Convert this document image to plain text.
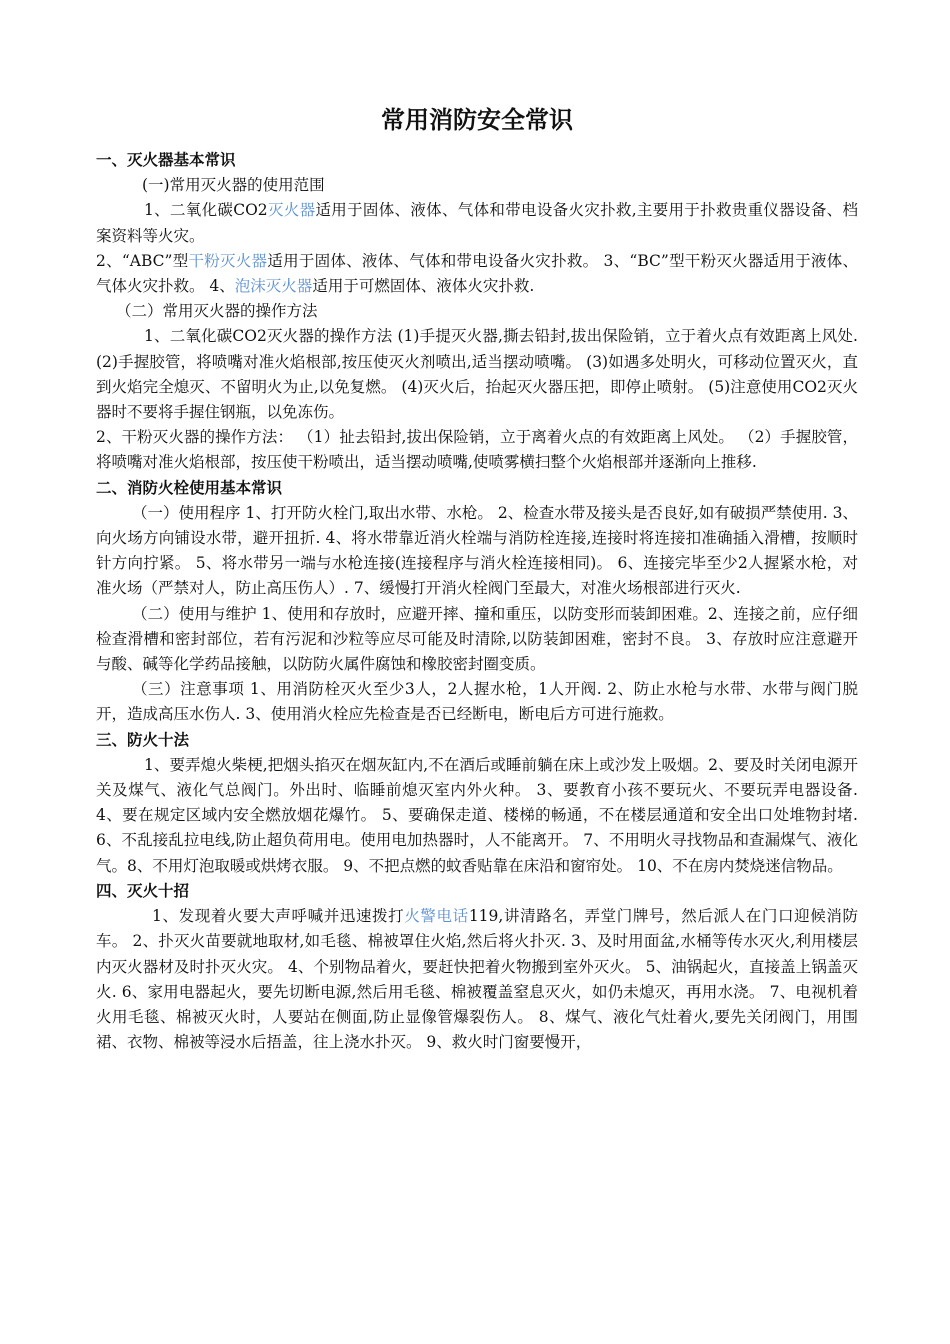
常用消防安全常识

一、灭火器基本常识

(一)常用灭火器的使用范围

1、二氧化碳CO2灭火器适用于固体、液体、气体和带电设备火灾扑救,主要用于扑救贵重仪器设备、档案资料等火灾。

2、“ABC”型干粉灭火器适用于固体、液体、气体和带电设备火灾扑救。 3、“BC”型干粉灭火器适用于液体、气体火灾扑救。 4、泡沫灭火器适用于可燃固体、液体火灾扑救.

（二）常用灭火器的操作方法

1、二氧化碳CO2灭火器的操作方法 (1)手提灭火器,撕去铅封,拔出保险销，立于着火点有效距离上风处. (2)手握胶管，将喷嘴对准火焰根部,按压使灭火剂喷出,适当摆动喷嘴。 (3)如遇多处明火，可移动位置灭火，直到火焰完全熄灭、不留明火为止,以免复燃。 (4)灭火后，抬起灭火器压把，即停止喷射。 (5)注意使用CO2灭火器时不要将手握住钢瓶，以免冻伤。

2、干粉灭火器的操作方法： （1）扯去铅封,拔出保险销，立于离着火点的有效距离上风处。 （2）手握胶管，将喷嘴对准火焰根部，按压使干粉喷出，适当摆动喷嘴,使喷雾横扫整个火焰根部并逐渐向上推移.

二、消防火栓使用基本常识

（一）使用程序 1、打开防火栓门,取出水带、水枪。 2、检查水带及接头是否良好,如有破损严禁使用. 3、向火场方向铺设水带，避开扭折. 4、将水带靠近消火栓端与消防栓连接,连接时将连接扣准确插入滑槽，按顺时针方向拧紧。 5、将水带另一端与水枪连接(连接程序与消火栓连接相同)。 6、连接完毕至少2人握紧水枪，对准火场（严禁对人，防止高压伤人）. 7、缓慢打开消火栓阀门至最大，对准火场根部进行灭火.

（二）使用与维护 1、使用和存放时，应避开摔、撞和重压，以防变形而装卸困难。2、连接之前，应仔细检查滑槽和密封部位，若有污泥和沙粒等应尽可能及时清除,以防装卸困难，密封不良。 3、存放时应注意避开与酸、碱等化学药品接触，以防防火属件腐蚀和橡胶密封圈变质。

（三）注意事项 1、用消防栓灭火至少3人，2人握水枪，1人开阀. 2、防止水枪与水带、水带与阀门脱开，造成高压水伤人. 3、使用消火栓应先检查是否已经断电，断电后方可进行施救。

三、防火十法

1、要弄熄火柴梗,把烟头掐灭在烟灰缸内,不在酒后或睡前躺在床上或沙发上吸烟。2、要及时关闭电源开关及煤气、液化气总阀门。外出时、临睡前熄灭室内外火种。 3、要教育小孩不要玩火、不要玩弄电器设备. 4、要在规定区域内安全燃放烟花爆竹。 5、要确保走道、楼梯的畅通，不在楼层通道和安全出口处堆物封堵. 6、不乱接乱拉电线,防止超负荷用电。使用电加热器时，人不能离开。 7、不用明火寻找物品和查漏煤气、液化气。8、不用灯泡取暖或烘烤衣服。 9、不把点燃的蚊香贴靠在床沿和窗帘处。 10、不在房内焚烧迷信物品。

四、灭火十招

1、发现着火要大声呼喊并迅速拨打火警电话119,讲清路名，弄堂门牌号，然后派人在门口迎候消防车。 2、扑灭火苗要就地取材,如毛毯、棉被罩住火焰,然后将火扑灭. 3、及时用面盆,水桶等传水灭火,利用楼层内灭火器材及时扑灭火灾。 4、个别物品着火，要赶快把着火物搬到室外灭火。 5、油锅起火，直接盖上锅盖灭火. 6、家用电器起火，要先切断电源,然后用毛毯、棉被覆盖窒息灭火，如仍未熄灭，再用水浇。 7、电视机着火用毛毯、棉被灭火时，人要站在侧面,防止显像管爆裂伤人。 8、煤气、液化气灶着火,要先关闭阀门，用围裙、衣物、棉被等浸水后捂盖，往上浇水扑灭。 9、救火时门窗要慢开，
